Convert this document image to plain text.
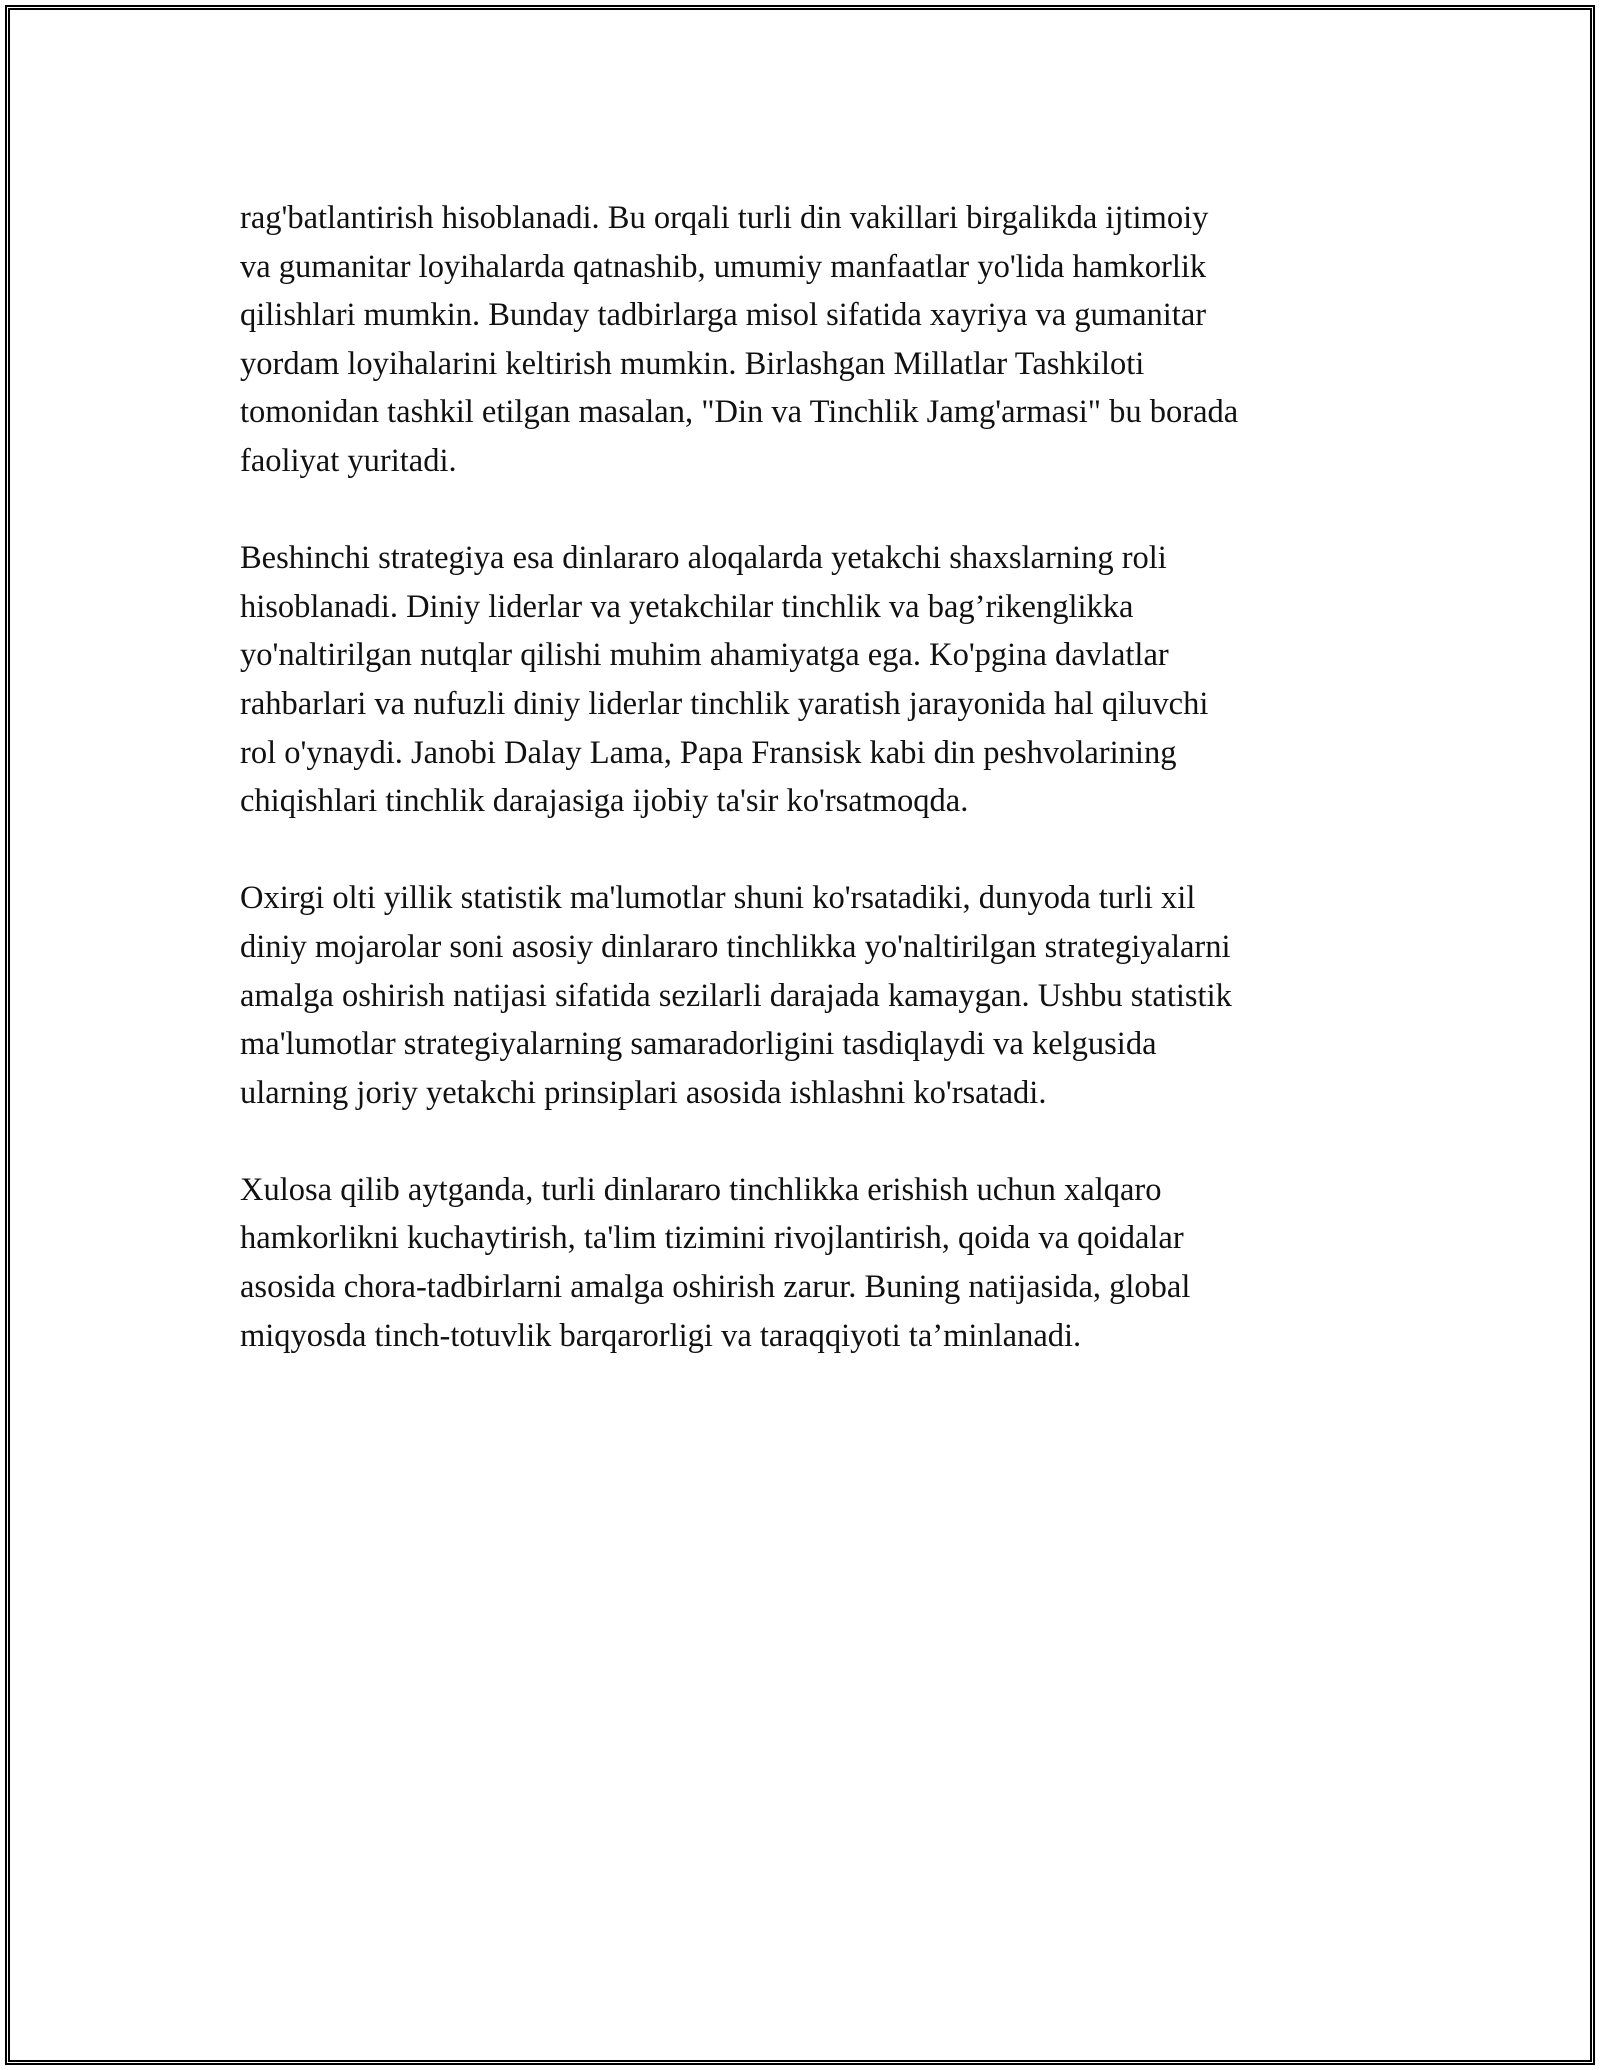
rag'batlantirish hisoblanadi. Bu orqali turli din vakillari birgalikda ijtimoiy
va gumanitar loyihalarda qatnashib, umumiy manfaatlar yo'lida hamkorlik
qilishlari mumkin. Bunday tadbirlarga misol sifatida xayriya va gumanitar
yordam loyihalarini keltirish mumkin. Birlashgan Millatlar Tashkiloti
tomonidan tashkil etilgan masalan, "Din va Tinchlik Jamg'armasi" bu borada
faoliyat yuritadi.

Beshinchi strategiya esa dinlararo aloqalarda yetakchi shaxslarning roli
hisoblanadi. Diniy liderlar va yetakchilar tinchlik va bag’rikenglikka
yo'naltirilgan nutqlar qilishi muhim ahamiyatga ega. Ko'pgina davlatlar
rahbarlari va nufuzli diniy liderlar tinchlik yaratish jarayonida hal qiluvchi
rol o'ynaydi. Janobi Dalay Lama, Papa Fransisk kabi din peshvolarining
chiqishlari tinchlik darajasiga ijobiy ta'sir ko'rsatmoqda.

Oxirgi olti yillik statistik ma'lumotlar shuni ko'rsatadiki, dunyoda turli xil
diniy mojarolar soni asosiy dinlararo tinchlikka yo'naltirilgan strategiyalarni
amalga oshirish natijasi sifatida sezilarli darajada kamaygan. Ushbu statistik
ma'lumotlar strategiyalarning samaradorligini tasdiqlaydi va kelgusida
ularning joriy yetakchi prinsiplari asosida ishlashni ko'rsatadi.

Xulosa qilib aytganda, turli dinlararo tinchlikka erishish uchun xalqaro
hamkorlikni kuchaytirish, ta'lim tizimini rivojlantirish, qoida va qoidalar
asosida chora-tadbirlarni amalga oshirish zarur. Buning natijasida, global
miqyosda tinch-totuvlik barqarorligi va taraqqiyoti ta’minlanadi.
